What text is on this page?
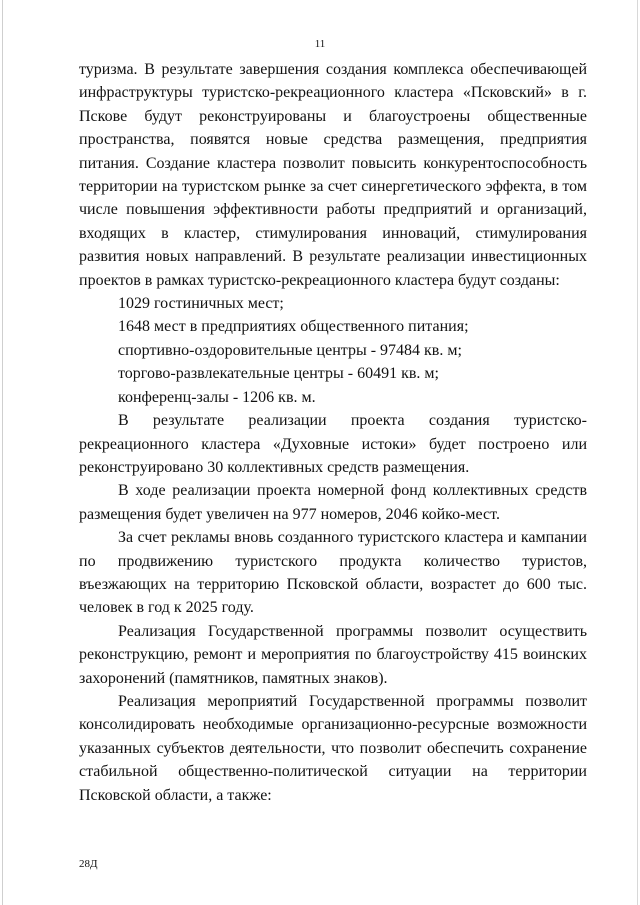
11

туризма. В результате завершения создания комплекса обеспечивающей инфраструктуры туристско-рекреационного кластера «Псковский» в г. Пскове будут реконструированы и благоустроены общественные пространства, появятся новые средства размещения, предприятия питания. Создание кластера позволит повысить конкурентоспособность территории на туристском рынке за счет синергетического эффекта, в том числе повышения эффективности работы предприятий и организаций, входящих в кластер, стимулирования инноваций, стимулирования развития новых направлений. В результате реализации инвестиционных проектов в рамках туристско-рекреационного кластера будут созданы:

1029 гостиничных мест;

1648 мест в предприятиях общественного питания;

спортивно-оздоровительные центры - 97484 кв. м;

торгово-развлекательные центры - 60491 кв. м;

конференц-залы - 1206 кв. м.

В результате реализации проекта создания туристско-рекреационного кластера «Духовные истоки» будет построено или реконструировано 30 коллективных средств размещения.

В ходе реализации проекта номерной фонд коллективных средств размещения будет увеличен на 977 номеров, 2046 койко-мест.

За счет рекламы вновь созданного туристского кластера и кампании по продвижению туристского продукта количество туристов, въезжающих на территорию Псковской области, возрастет до 600 тыс. человек в год к 2025 году.

Реализация Государственной программы позволит осуществить реконструкцию, ремонт и мероприятия по благоустройству 415 воинских захоронений (памятников, памятных знаков).

Реализация мероприятий Государственной программы позволит консолидировать необходимые организационно-ресурсные возможности указанных субъектов деятельности, что позволит обеспечить сохранение стабильной общественно-политической ситуации на территории Псковской области, а также:

28Д
